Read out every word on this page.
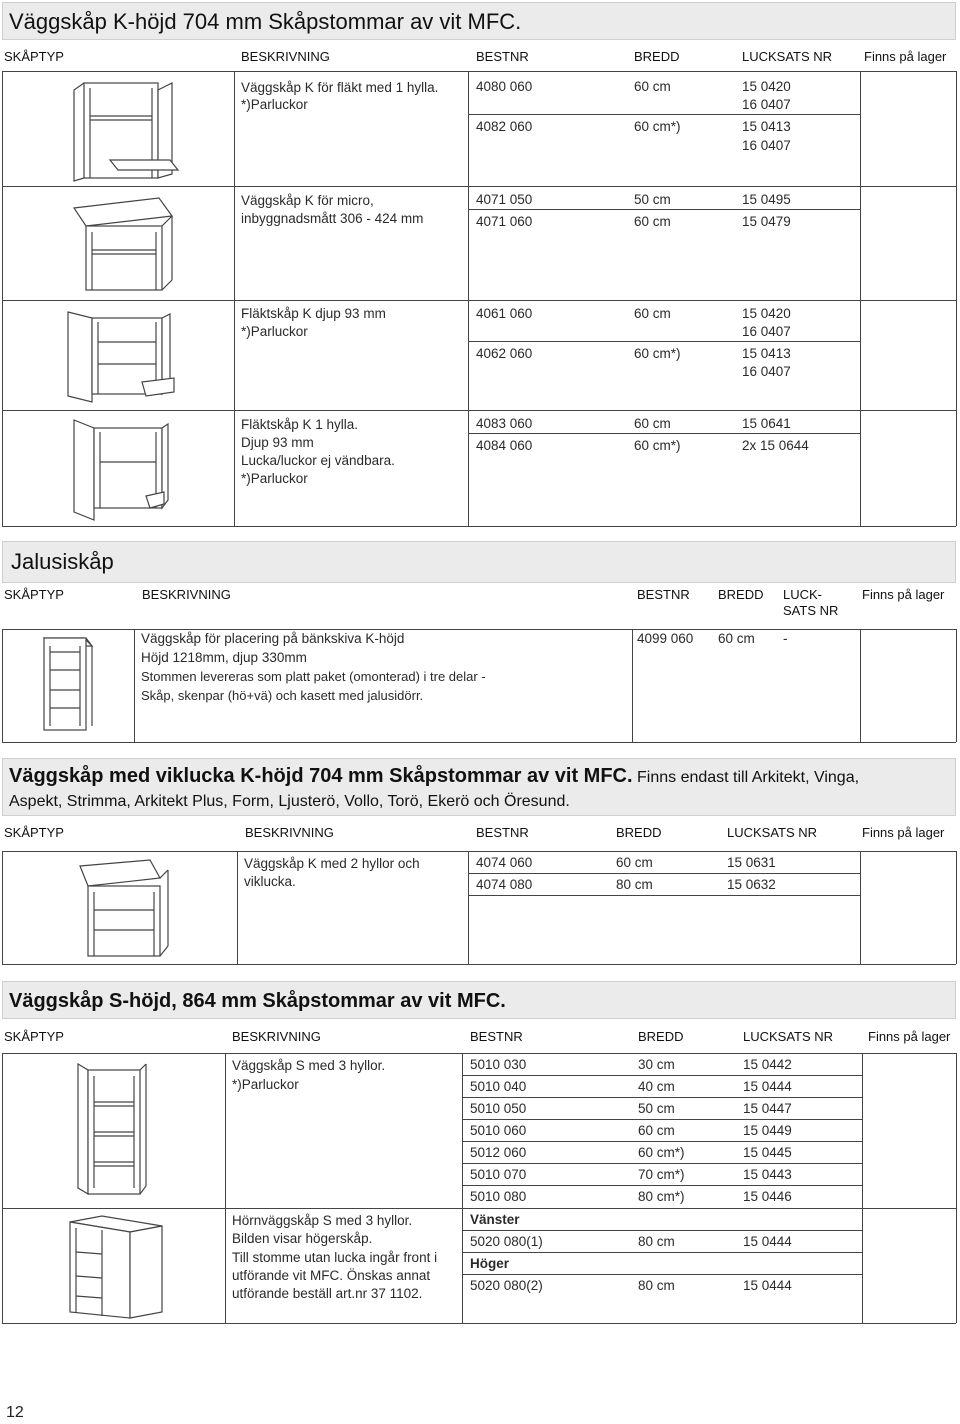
Väggskåp K-höjd 704 mm Skåpstommar av vit MFC.
SKÅPTYP	BESKRIVNING	BESTNR	BREDD	LUCKSATS NR Finns på lager
Väggskåp K för fläkt med 1 hylla.
*)Parluckor
4080 060	60 cm	15 0420
16 0407
4082 060	60 cm*)	15 0413
16 0407
Väggskåp K för micro,
inbyggnadsmått 306 - 424 mm
4071 050	50 cm	15 0495
4071 060	60 cm	15 0479
Fläktskåp K djup 93 mm
*)Parluckor
4061 060	60 cm	15 0420
16 0407
4062 060	60 cm*)	15 0413
16 0407
Fläktskåp K 1 hylla.
Djup 93 mm
Lucka/luckor ej vändbara.
*)Parluckor
4083 060	60 cm	15 0641
4084 060	60 cm*)	2x 15 0644
Jalusiskåp
SKÅPTYP	BESKRIVNING	BESTNR BREDD LUCK-
SATS NR
Finns på lager
Väggskåp för placering på bänkskiva K-höjd
Höjd 1218mm, djup 330mm
Stommen levereras som platt paket (omonterad) i tre delar -
Skåp, skenpar (hö+vä) och kasett med jalusidörr.
4099 060 60 cm -
Väggskåp med viklucka K-höjd 704 mm Skåpstommar av vit MFC. Finns endast till Arkitekt, Vinga,
Aspekt, Strimma, Arkitekt Plus, Form, Ljusterö, Vollo, Torö, Ekerö och Öresund.
SKÅPTYP	BESKRIVNING	BESTNR	BREDD	LUCKSATS NR	Finns på lager
Väggskåp K med 2 hyllor och
viklucka.
4074 060	60 cm	15 0631
4074 080	80 cm	15 0632
Väggskåp S-höjd, 864 mm Skåpstommar av vit MFC.
SKÅPTYP	BESKRIVNING	BESTNR	BREDD	LUCKSATS NR	Finns på lager
Väggskåp S med 3 hyllor.
*)Parluckor
5010 030	30 cm	15 0442
5010 040	40 cm	15 0444
5010 050	50 cm	15 0447
5010 060	60 cm	15 0449
5012 060	60 cm*)	15 0445
5010 070	70 cm*)	15 0443
5010 080	80 cm*)	15 0446
Hörnväggskåp S med 3 hyllor.
Bilden visar högerskåp.
Till stomme utan lucka ingår front i
utförande vit MFC. Önskas annat
utförande beställ art.nr 37 1102.
Vänster
5020 080(1)	80 cm	15 0444
Höger
5020 080(2)	80 cm	15 0444
12
